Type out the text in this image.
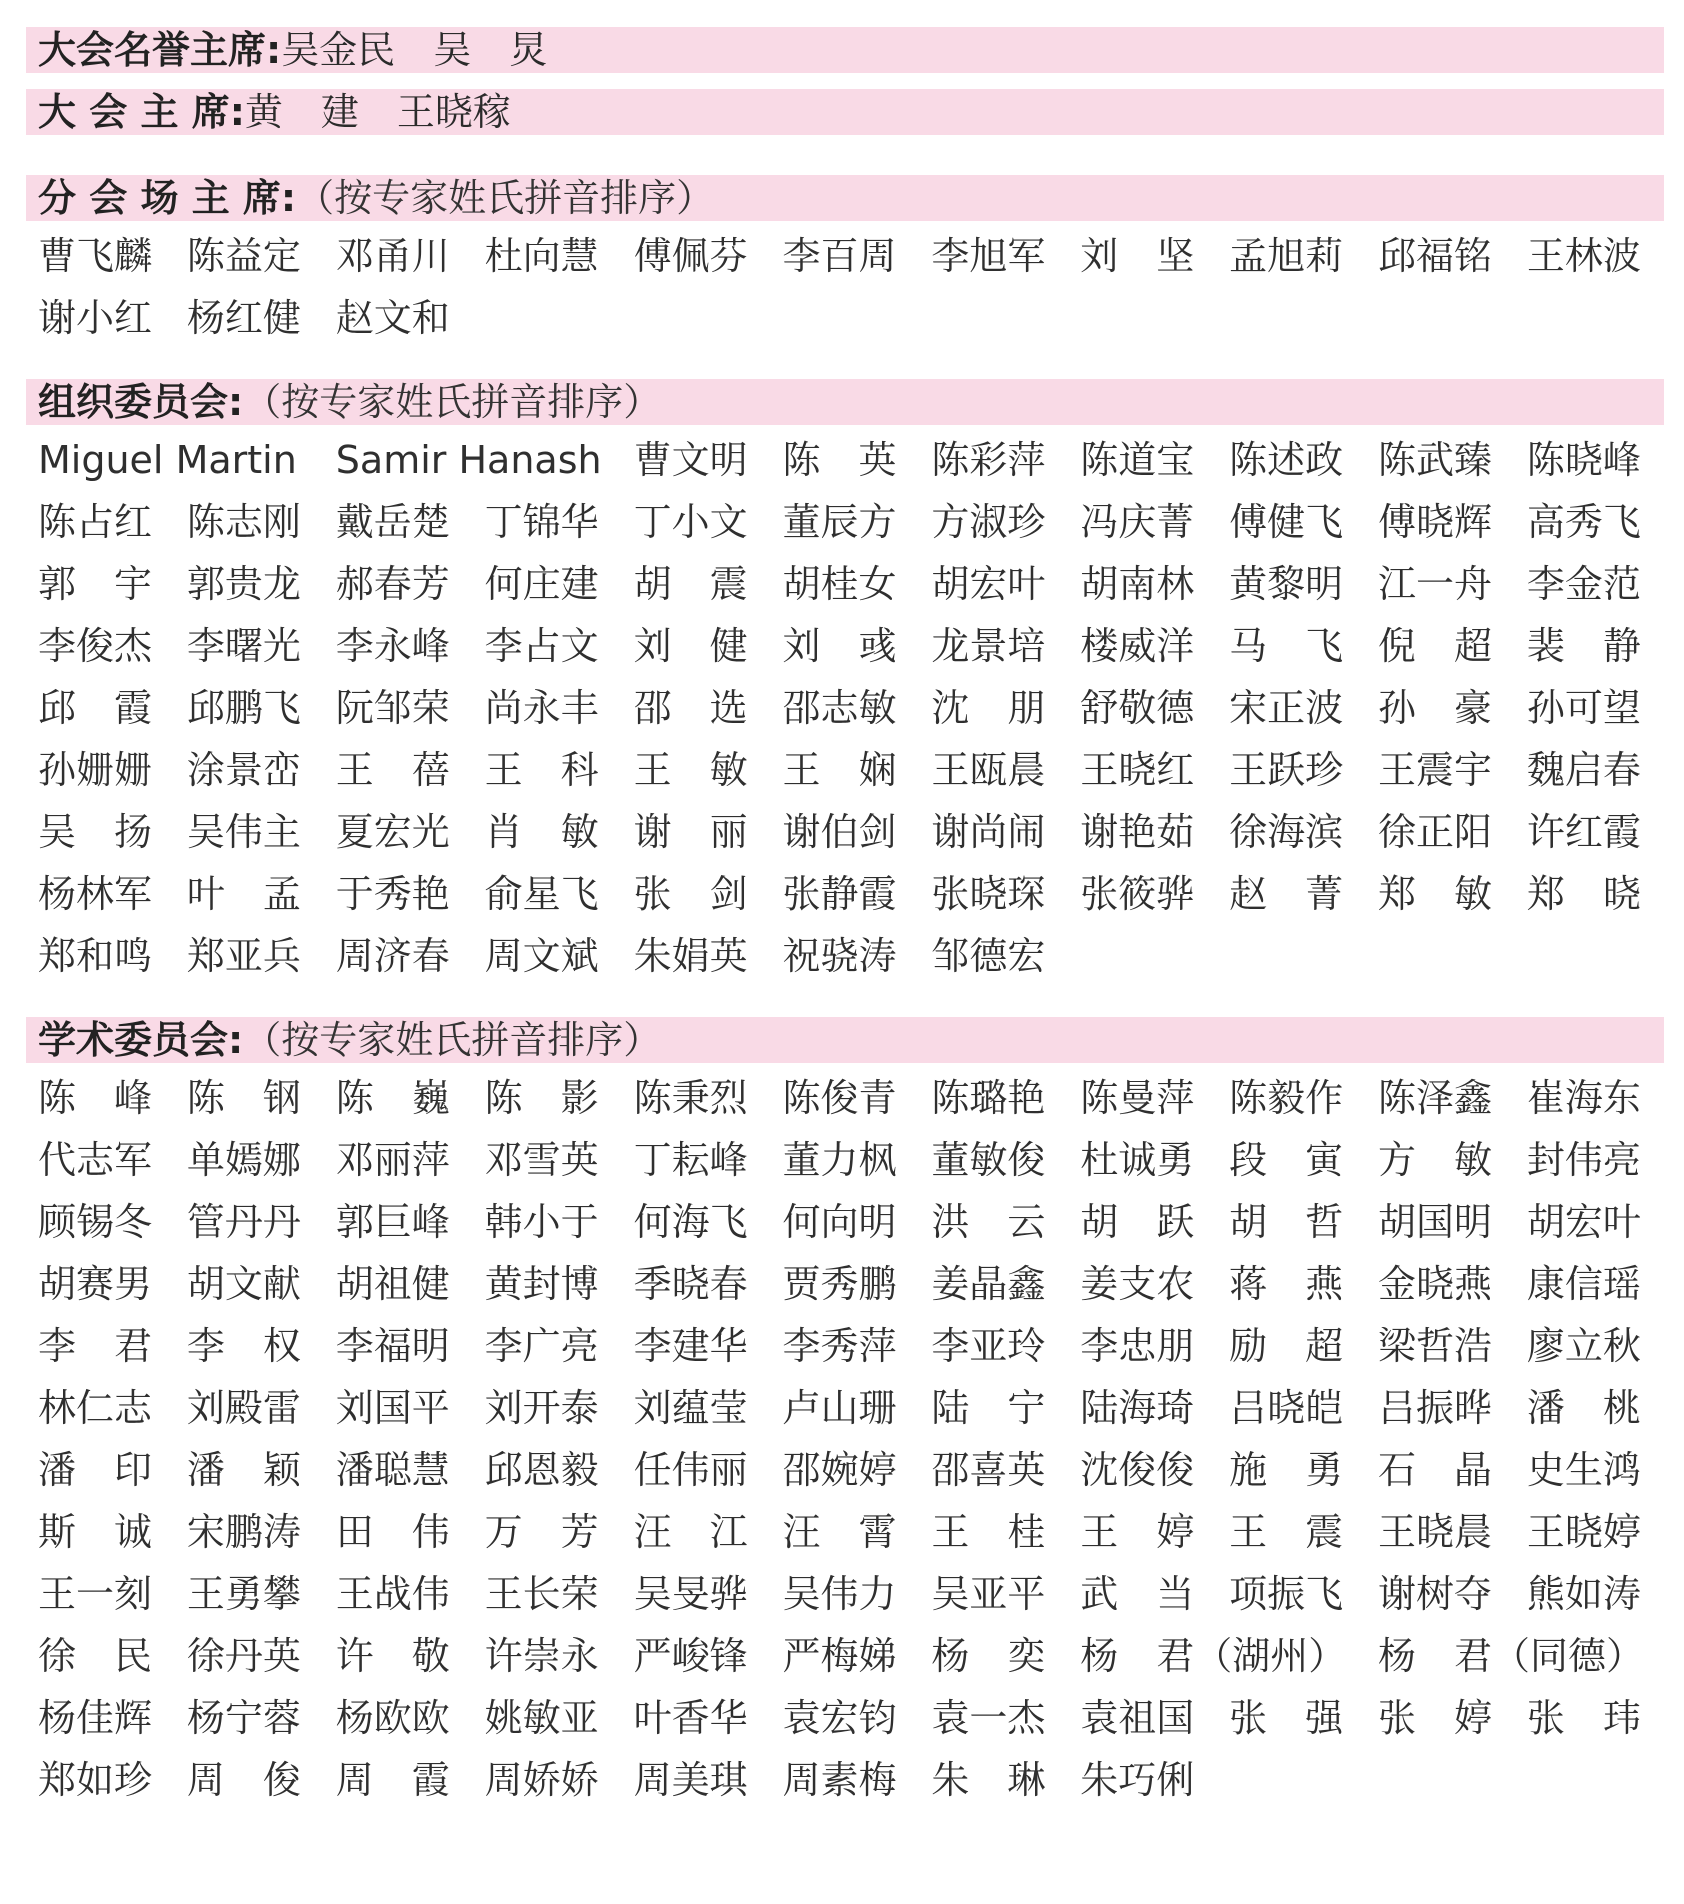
大会名誉主席:吴金民　吴　炅
大 会 主 席:黄　建　王晓稼
分 会 场 主 席:（按专家姓氏拼音排序）
曹飞麟 陈益定 邓甬川 杜向慧 傅佩芬 李百周 李旭军 刘　坚 孟旭莉 邱福铭 王林波
谢小红 杨红健 赵文和
组织委员会:（按专家姓氏拼音排序）
Miguel Martin	Samir Hanash 曹文明 陈　英 陈彩萍 陈道宝 陈述政 陈武臻 陈晓峰
陈占红 陈志刚 戴岳楚 丁锦华 丁小文 董辰方 方淑珍 冯庆菁 傅健飞 傅晓辉 高秀飞
郭　宇 郭贵龙 郝春芳 何庄建 胡　震 胡桂女 胡宏叶 胡南林 黄黎明 江一舟 李金范
李俊杰 李曙光 李永峰 李占文 刘　健 刘　彧 龙景培 楼威洋 马　飞 倪　超 裴　静
邱　霞 邱鹏飞 阮邹荣 尚永丰 邵　选 邵志敏 沈　朋 舒敬德 宋正波 孙　豪 孙可望
孙姗姗 涂景峦 王　蓓 王　科 王　敏 王　娴 王瓯晨 王晓红 王跃珍 王震宇 魏启春
吴　扬 吴伟主 夏宏光 肖　敏 谢　丽 谢伯剑 谢尚闹 谢艳茹 徐海滨 徐正阳 许红霞
杨林军 叶　孟 于秀艳 俞星飞 张　剑 张静霞 张晓琛 张筱骅 赵　菁 郑　敏 郑　晓
郑和鸣 郑亚兵 周济春 周文斌 朱娟英 祝骁涛 邹德宏
学术委员会:（按专家姓氏拼音排序）
陈　峰 陈　钢 陈　巍 陈　影 陈秉烈 陈俊青 陈璐艳 陈曼萍 陈毅作 陈泽鑫 崔海东
代志军 单嫣娜 邓丽萍 邓雪英 丁耘峰 董力枫 董敏俊 杜诚勇 段　寅 方　敏 封伟亮
顾锡冬 管丹丹 郭巨峰 韩小于 何海飞 何向明 洪　云 胡　跃 胡　哲 胡国明 胡宏叶
胡赛男 胡文献 胡祖健 黄封博 季晓春 贾秀鹏 姜晶鑫 姜支农 蒋　燕 金晓燕 康信瑶
李　君 李　权 李福明 李广亮 李建华 李秀萍 李亚玲 李忠朋 励　超 梁哲浩 廖立秋
林仁志 刘殿雷 刘国平 刘开泰 刘蕴莹 卢山珊 陆　宁 陆海琦 吕晓皑 吕振晔 潘　桃
潘　印 潘　颖 潘聪慧 邱恩毅 任伟丽 邵婉婷 邵喜英 沈俊俊 施　勇 石　晶 史生鸿
斯　诚 宋鹏涛 田　伟 万　芳 汪　江 汪　霄 王　桂 王　婷 王　震 王晓晨 王晓婷
王一刻 王勇攀 王战伟 王长荣 吴旻骅 吴伟力 吴亚平 武　当 项振飞 谢树夺 熊如涛
徐　民 徐丹英 许　敬 许崇永 严峻锋 严梅娣 杨　奕 杨　君（湖州） 杨　君（同德）
杨佳辉 杨宁蓉 杨欧欧 姚敏亚 叶香华 袁宏钧 袁一杰 袁祖国 张　强 张　婷 张　玮
郑如珍 周　俊 周　霞 周娇娇 周美琪 周素梅 朱　琳 朱巧俐
